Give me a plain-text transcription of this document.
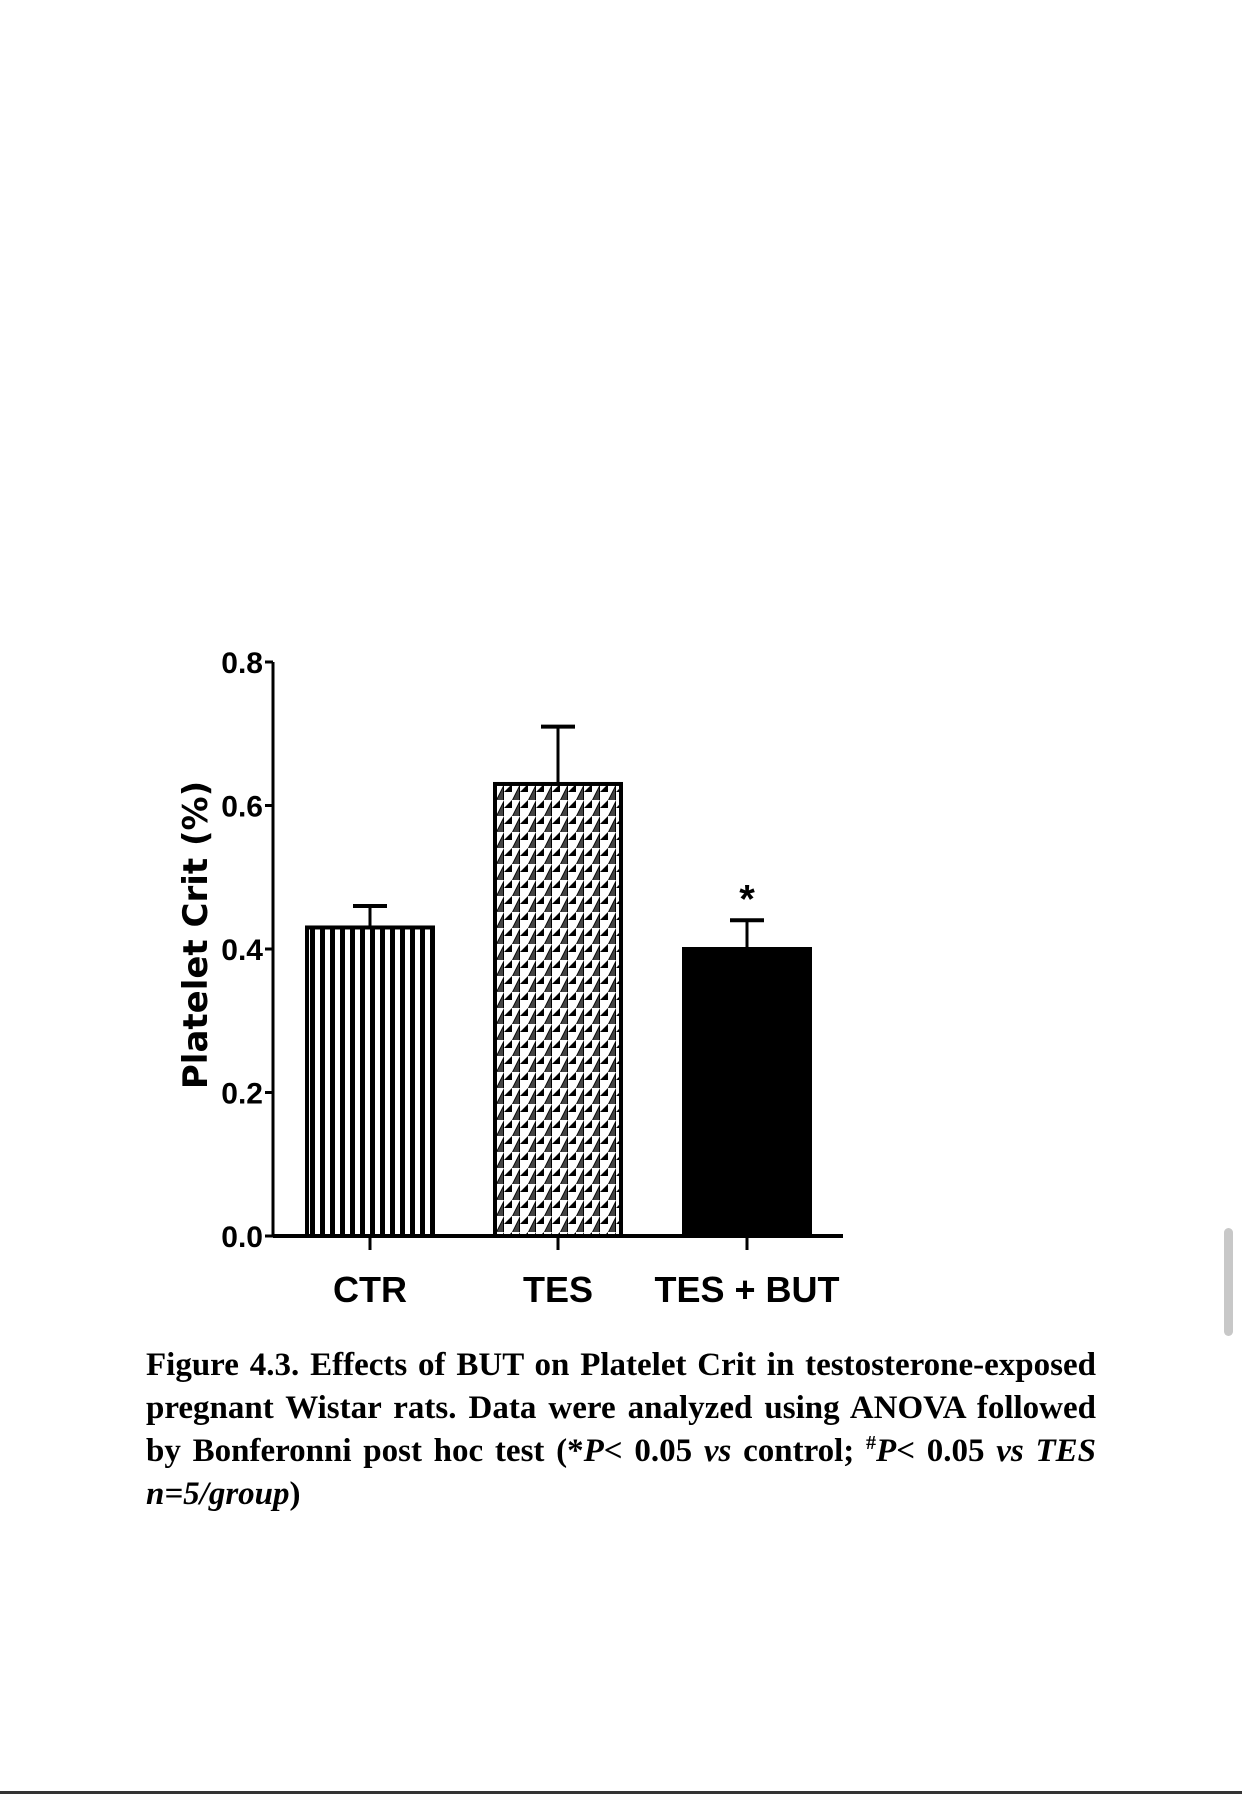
0.0
0.2
0.4
0.6
0.8
CTR	TES TES + BUT
*
Platelet Crit (%)
Figure 4.3. Effects of BUT on Platelet Crit in testosterone-exposed pregnant Wistar rats. Data were analyzed using ANOVA followed by Bonferonni post hoc test (*P< 0.05 vs control; #P< 0.05 vs TES n=5/group)
